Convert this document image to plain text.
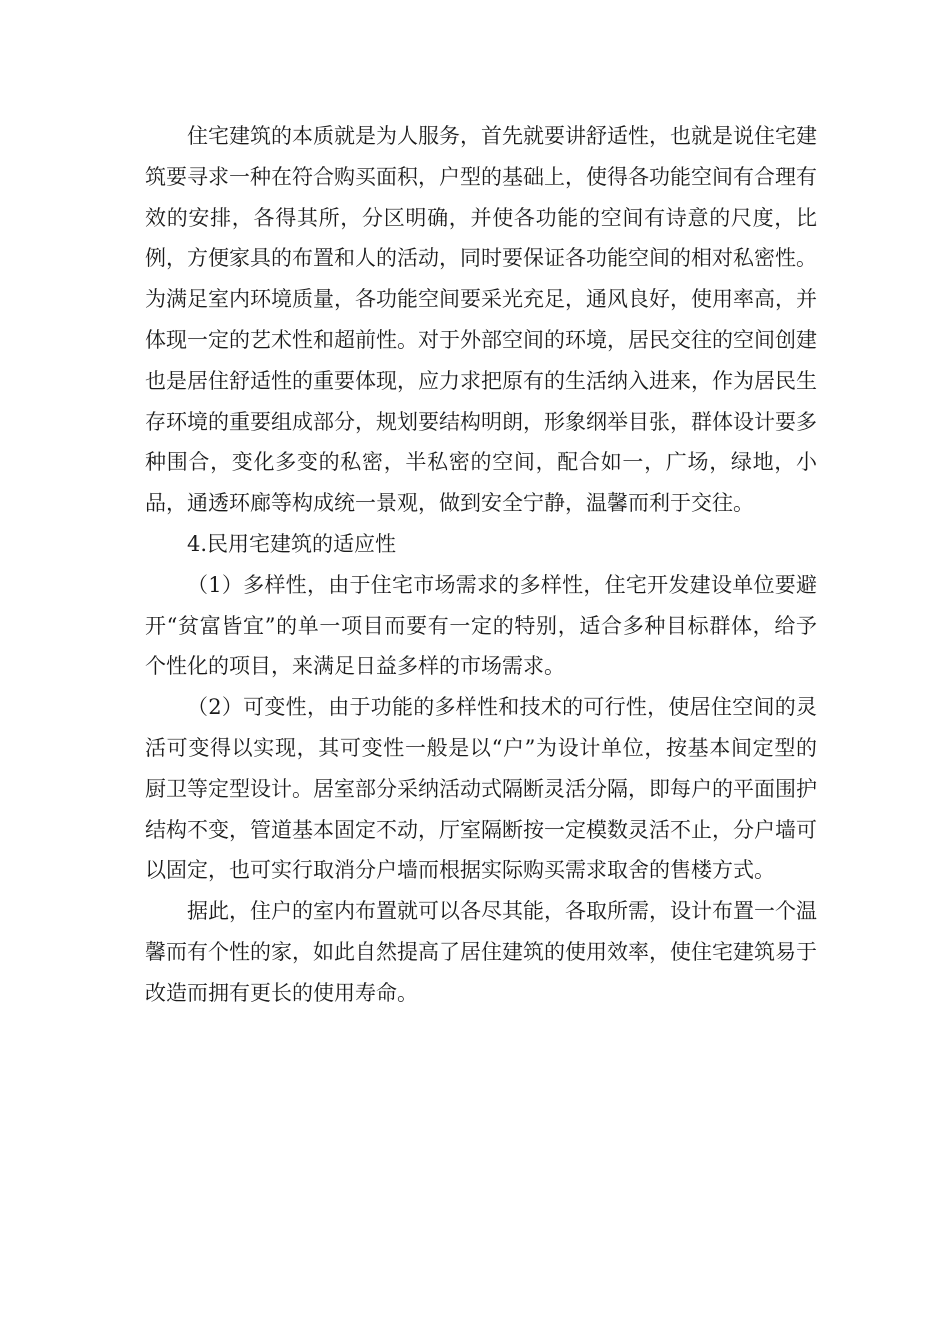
住宅建筑的本质就是为人服务，首先就要讲舒适性，也就是说住宅建筑要寻求一种在符合购买面积，户型的基础上，使得各功能空间有合理有效的安排，各得其所，分区明确，并使各功能的空间有诗意的尺度，比例，方便家具的布置和人的活动，同时要保证各功能空间的相对私密性。为满足室内环境质量，各功能空间要采光充足，通风良好，使用率高，并体现一定的艺术性和超前性。对于外部空间的环境，居民交往的空间创建也是居住舒适性的重要体现，应力求把原有的生活纳入进来，作为居民生存环境的重要组成部分，规划要结构明朗，形象纲举目张，群体设计要多种围合，变化多变的私密，半私密的空间，配合如一，广场，绿地，小品，通透环廊等构成统一景观，做到安全宁静，温馨而利于交往。

4.民用宅建筑的适应性

（1）多样性，由于住宅市场需求的多样性，住宅开发建设单位要避开“贫富皆宜”的单一项目而要有一定的特别，适合多种目标群体，给予个性化的项目，来满足日益多样的市场需求。

（2）可变性，由于功能的多样性和技术的可行性，使居住空间的灵活可变得以实现，其可变性一般是以“户”为设计单位，按基本间定型的厨卫等定型设计。居室部分采纳活动式隔断灵活分隔，即每户的平面围护结构不变，管道基本固定不动，厅室隔断按一定模数灵活不止，分户墙可以固定，也可实行取消分户墙而根据实际购买需求取舍的售楼方式。

据此，住户的室内布置就可以各尽其能，各取所需，设计布置一个温馨而有个性的家，如此自然提高了居住建筑的使用效率，使住宅建筑易于改造而拥有更长的使用寿命。
